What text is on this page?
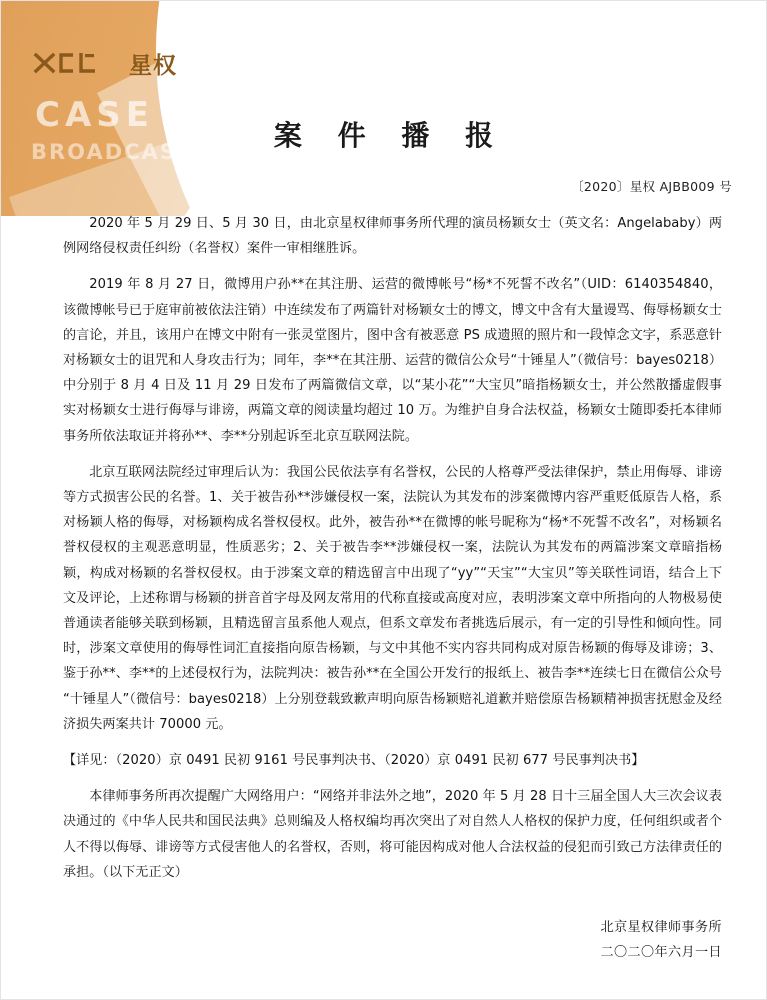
星权
CASE
BROADCAST	案 件 播 报
〔2020〕星权 AJBB009 号

2020 年 5 月 29 日、5 月 30 日，由北京星权律师事务所代理的演员杨颖女士（英文名：Angelababy）两例网络侵权责任纠纷（名誉权）案件一审相继胜诉。

2019 年 8 月 27 日，微博用户孙**在其注册、运营的微博帐号“杨*不死誓不改名”（UID：6140354840，该微博帐号已于庭审前被依法注销）中连续发布了两篇针对杨颖女士的博文，博文中含有大量谩骂、侮辱杨颖女士的言论，并且，该用户在博文中附有一张灵堂图片，图中含有被恶意 PS 成遗照的照片和一段悼念文字，系恶意针对杨颖女士的诅咒和人身攻击行为；同年，李**在其注册、运营的微信公众号“十锤星人”（微信号：bayes0218）中分别于 8 月 4 日及 11 月 29 日发布了两篇微信文章，以“某小花”“大宝贝”暗指杨颖女士，并公然散播虚假事实对杨颖女士进行侮辱与诽谤，两篇文章的阅读量均超过 10 万。为维护自身合法权益，杨颖女士随即委托本律师事务所依法取证并将孙**、李**分别起诉至北京互联网法院。

北京互联网法院经过审理后认为：我国公民依法享有名誉权，公民的人格尊严受法律保护，禁止用侮辱、诽谤等方式损害公民的名誉。1、关于被告孙**涉嫌侵权一案，法院认为其发布的涉案微博内容严重贬低原告人格，系对杨颖人格的侮辱，对杨颖构成名誉权侵权。此外，被告孙**在微博的帐号昵称为“杨*不死誓不改名”，对杨颖名誉权侵权的主观恶意明显，性质恶劣；2、关于被告李**涉嫌侵权一案，法院认为其发布的两篇涉案文章暗指杨颖，构成对杨颖的名誉权侵权。由于涉案文章的精选留言中出现了“yy”“天宝”“大宝贝”等关联性词语，结合上下文及评论，上述称谓与杨颖的拼音首字母及网友常用的代称直接或高度对应，表明涉案文章中所指向的人物极易使普通读者能够关联到杨颖，且精选留言虽系他人观点，但系文章发布者挑选后展示，有一定的引导性和倾向性。同时，涉案文章使用的侮辱性词汇直接指向原告杨颖，与文中其他不实内容共同构成对原告杨颖的侮辱及诽谤；3、鉴于孙**、李**的上述侵权行为，法院判决：被告孙**在全国公开发行的报纸上、被告李**连续七日在微信公众号“十锤星人”（微信号：bayes0218）上分别登载致歉声明向原告杨颖赔礼道歉并赔偿原告杨颖精神损害抚慰金及经济损失两案共计 70000 元。

【详见：（2020）京 0491 民初 9161 号民事判决书、（2020）京 0491 民初 677 号民事判决书】

本律师事务所再次提醒广大网络用户：“网络并非法外之地”，2020 年 5 月 28 日十三届全国人大三次会议表决通过的《中华人民共和国民法典》总则编及人格权编均再次突出了对自然人人格权的保护力度，任何组织或者个人不得以侮辱、诽谤等方式侵害他人的名誉权，否则，将可能因构成对他人合法权益的侵犯而引致己方法律责任的承担。（以下无正文）

北京星权律师事务所
二〇二〇年六月一日
